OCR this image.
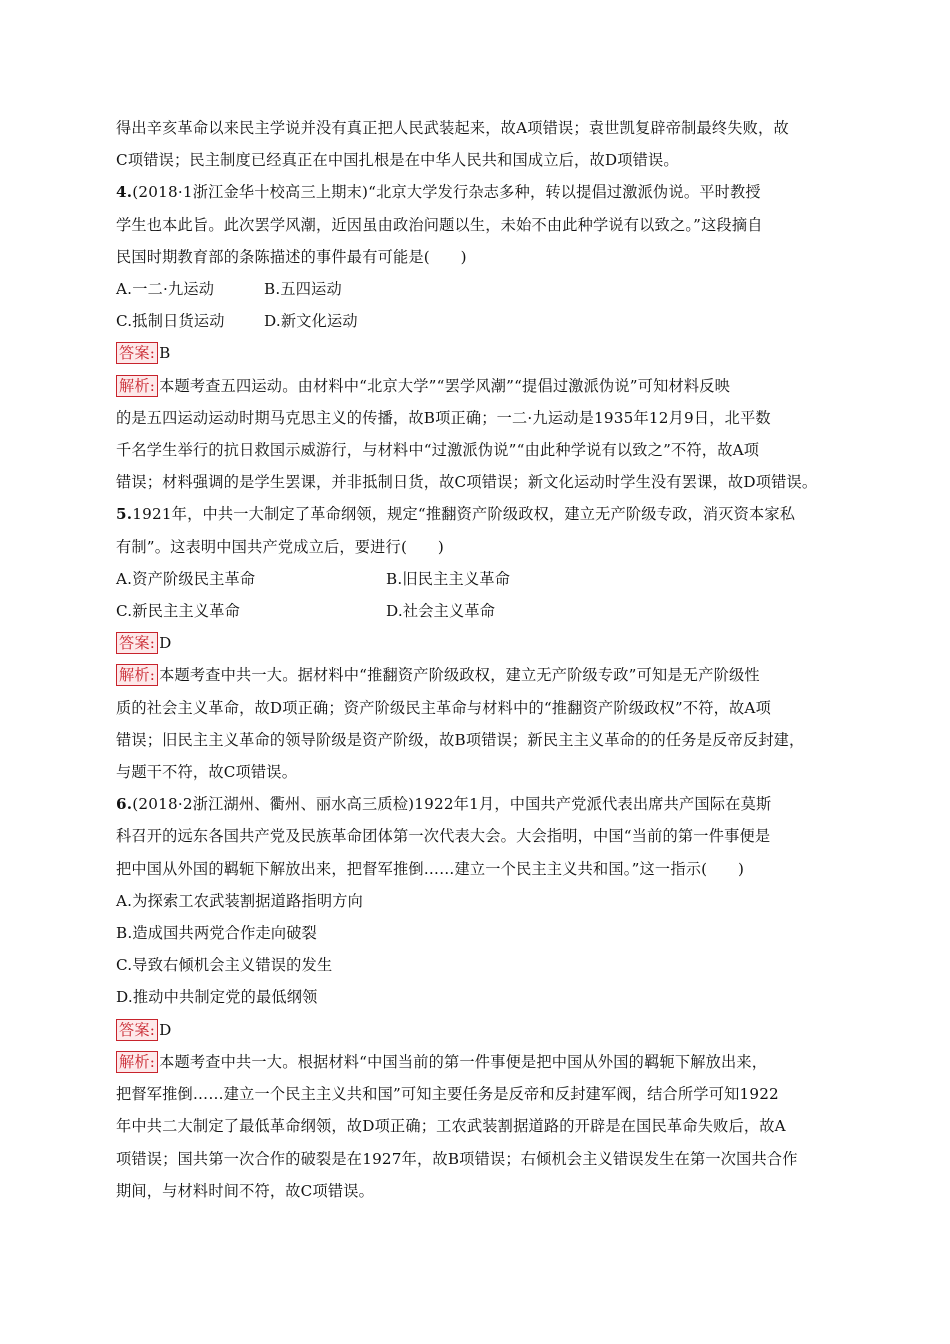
得出辛亥革命以来民主学说并没有真正把人民武装起来，故A项错误；袁世凯复辟帝制最终失败，故
C项错误；民主制度已经真正在中国扎根是在中华人民共和国成立后，故D项错误。
4.(2018·1浙江金华十校高三上期末)“北京大学发行杂志多种，转以提倡过激派伪说。平时教授
学生也本此旨。此次罢学风潮，近因虽由政治问题以生，未始不由此种学说有以致之。”这段摘自
民国时期教育部的条陈描述的事件最有可能是(　　)
A.一二·九运动	B.五四运动
C.抵制日货运动	D.新文化运动
答案: B
解析: 本题考查五四运动。由材料中“北京大学”“罢学风潮”“提倡过激派伪说”可知材料反映
的是五四运动运动时期马克思主义的传播，故B项正确；一二·九运动是1935年12月9日，北平数
千名学生举行的抗日救国示威游行，与材料中“过激派伪说”“由此种学说有以致之”不符，故A项
错误；材料强调的是学生罢课，并非抵制日货，故C项错误；新文化运动时学生没有罢课，故D项错误。
5.1921年，中共一大制定了革命纲领，规定“推翻资产阶级政权，建立无产阶级专政，消灭资本家私
有制”。这表明中国共产党成立后，要进行(　　)
A.资产阶级民主革命	B.旧民主主义革命
C.新民主主义革命	D.社会主义革命
答案: D
解析: 本题考查中共一大。据材料中“推翻资产阶级政权，建立无产阶级专政”可知是无产阶级性
质的社会主义革命，故D项正确；资产阶级民主革命与材料中的“推翻资产阶级政权”不符，故A项
错误；旧民主主义革命的领导阶级是资产阶级，故B项错误；新民主主义革命的的任务是反帝反封建，
与题干不符，故C项错误。
6.(2018·2浙江湖州、衢州、丽水高三质检)1922年1月，中国共产党派代表出席共产国际在莫斯
科召开的远东各国共产党及民族革命团体第一次代表大会。大会指明，中国“当前的第一件事便是
把中国从外国的羁轭下解放出来，把督军推倒……建立一个民主主义共和国。”这一指示(　　)
A.为探索工农武装割据道路指明方向
B.造成国共两党合作走向破裂
C.导致右倾机会主义错误的发生
D.推动中共制定党的最低纲领
答案: D
解析: 本题考查中共一大。根据材料“中国当前的第一件事便是把中国从外国的羁轭下解放出来，
把督军推倒……建立一个民主主义共和国”可知主要任务是反帝和反封建军阀，结合所学可知1922
年中共二大制定了最低革命纲领，故D项正确；工农武装割据道路的开辟是在国民革命失败后，故A
项错误；国共第一次合作的破裂是在1927年，故B项错误；右倾机会主义错误发生在第一次国共合作
期间，与材料时间不符，故C项错误。
